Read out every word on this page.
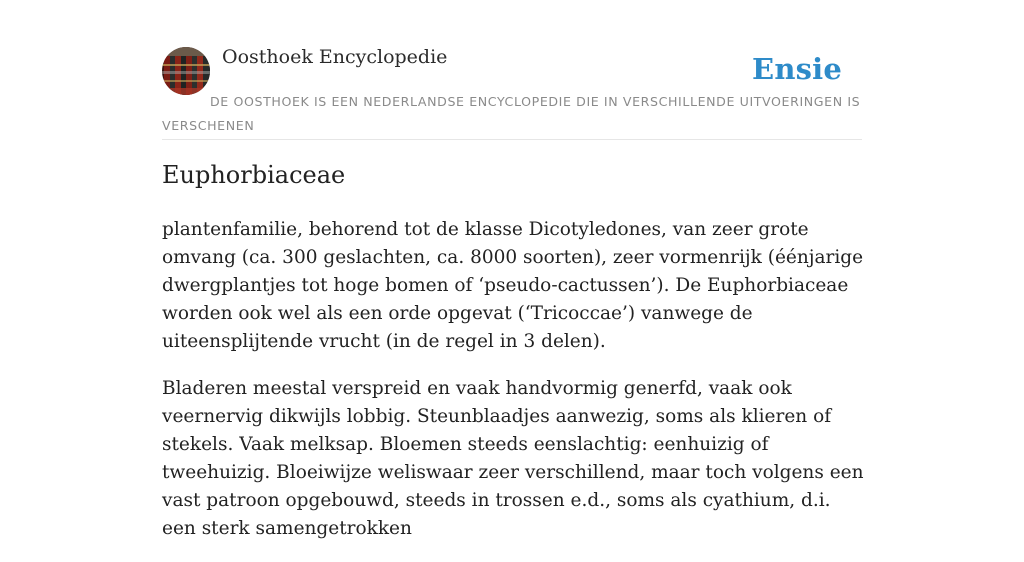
Oosthoek Encyclopedie	Ensie
DE OOSTHOEK IS EEN NEDERLANDSE ENCYCLOPEDIE DIE IN VERSCHILLENDE UITVOERINGEN IS VERSCHENEN
Euphorbiaceae

plantenfamilie, behorend tot de klasse Dicotyledones, van zeer grote omvang (ca. 300 geslachten, ca. 8000 soorten), zeer vormenrijk (éénjarige dwergplantjes tot hoge bomen of ‘pseudo-cactussen’). De Euphorbiaceae worden ook wel als een orde opgevat (‘Tricoccae’) vanwege de uiteensplijtende vrucht (in de regel in 3 delen).

Bladeren meestal verspreid en vaak handvormig generfd, vaak ook veernervig dikwijls lobbig. Steunblaadjes aanwezig, soms als klieren of stekels. Vaak melksap. Bloemen steeds eenslachtig: eenhuizig of tweehuizig. Bloeiwijze weliswaar zeer verschillend, maar toch volgens een vast patroon opgebouwd, steeds in trossen e.d., soms als cyathium, d.i. een sterk samengetrokken
